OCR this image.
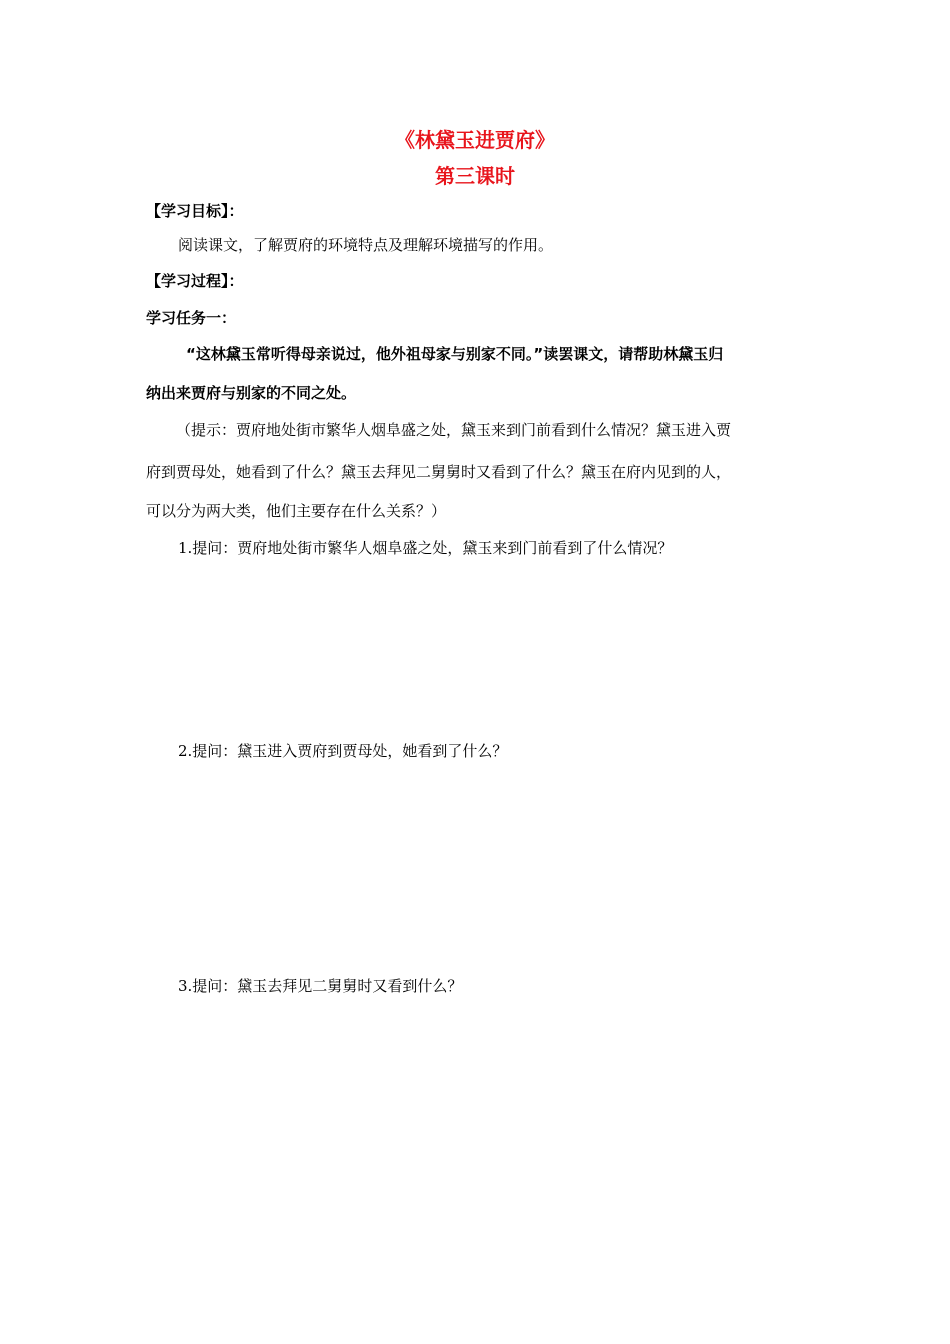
《林黛玉进贾府》
第三课时
【学习目标】：
阅读课文，了解贾府的环境特点及理解环境描写的作用。
【学习过程】：
学习任务一：
“这林黛玉常听得母亲说过，他外祖母家与别家不同。”读罢课文，请帮助林黛玉归
纳出来贾府与别家的不同之处。
（提示：贾府地处街市繁华人烟阜盛之处，黛玉来到门前看到什么情况？黛玉进入贾
府到贾母处，她看到了什么？黛玉去拜见二舅舅时又看到了什么？黛玉在府内见到的人，
可以分为两大类，他们主要存在什么关系？）
1.提问：贾府地处街市繁华人烟阜盛之处，黛玉来到门前看到了什么情况？
2.提问：黛玉进入贾府到贾母处，她看到了什么？
3.提问：黛玉去拜见二舅舅时又看到什么？
